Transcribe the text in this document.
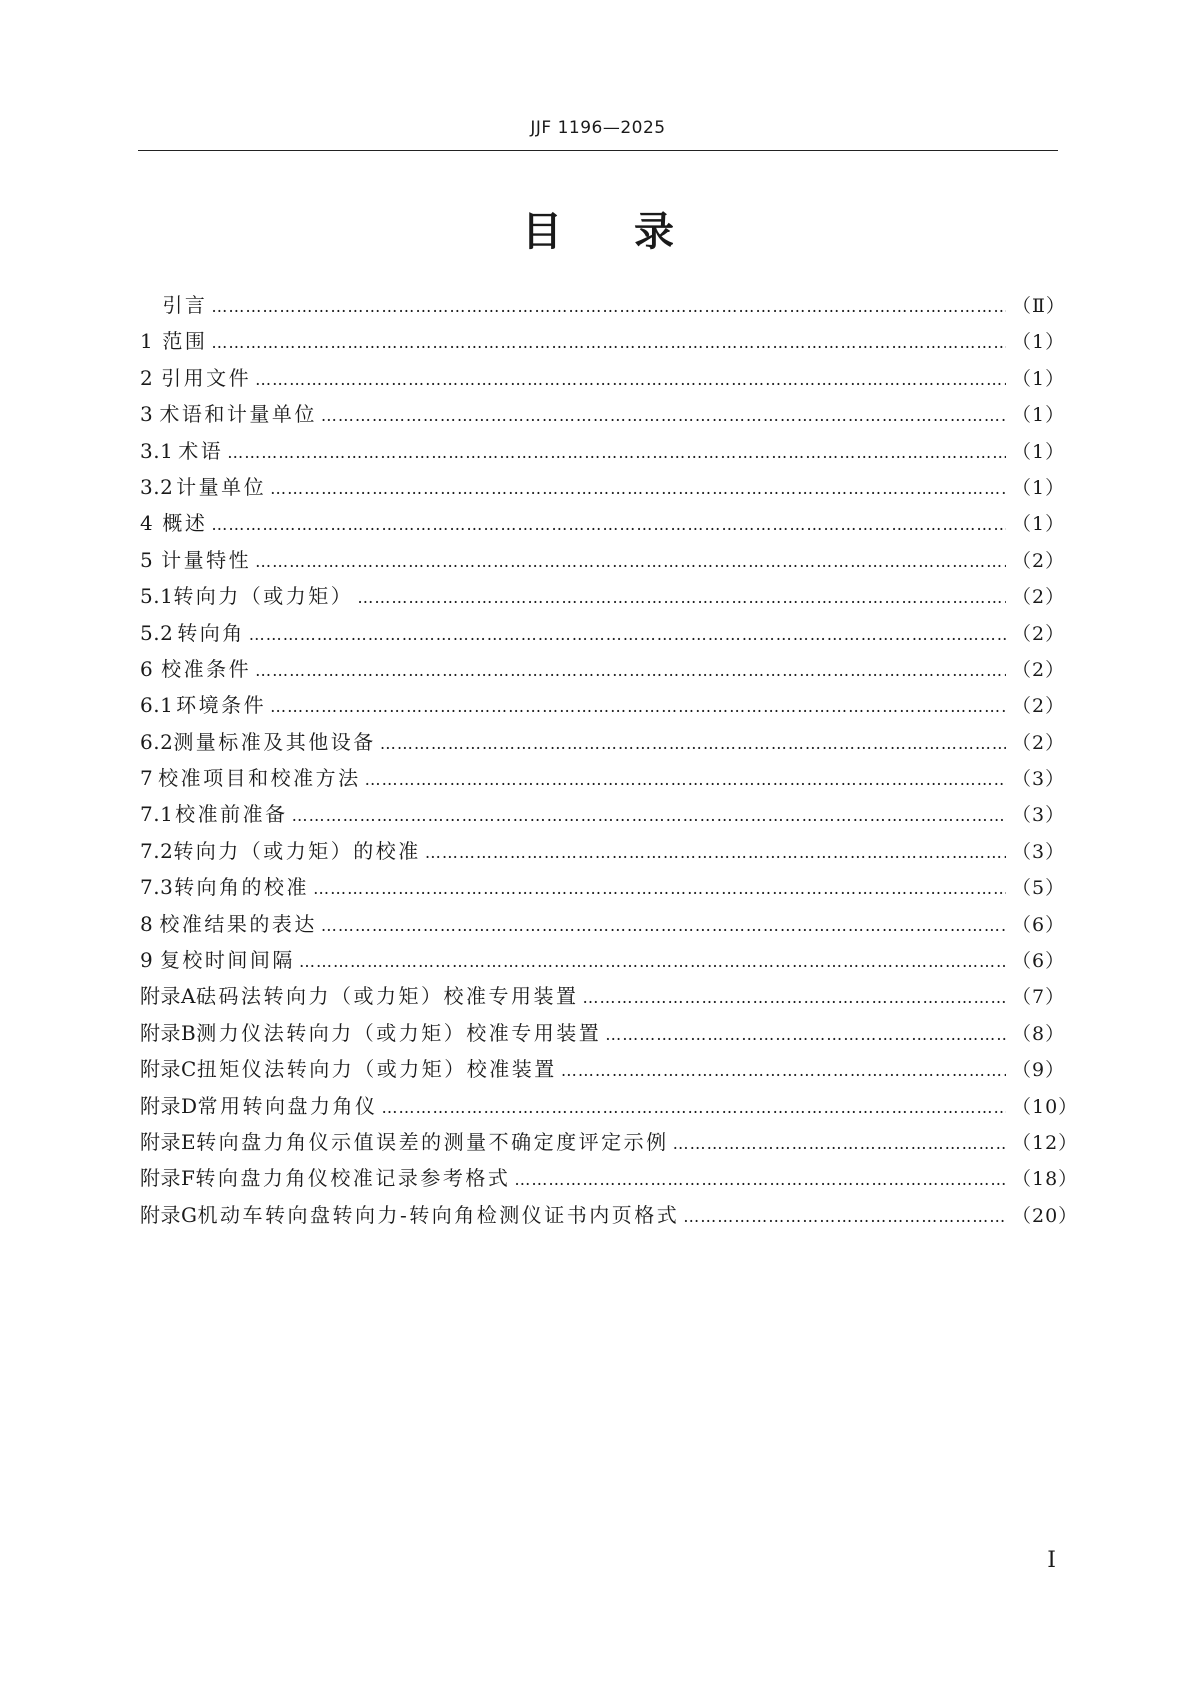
JJF 1196—2025
目录
引言 …………………………………………………………………………………………………………………………………………………………………………………………………	（Ⅱ）
1 范围 …………………………………………………………………………………………………………………………………………………………………………………………………	（1）
2 引用文件 …………………………………………………………………………………………………………………………………………………………………………………………………	（1）
3 术语和计量单位 …………………………………………………………………………………………………………………………………………………………………………………………………	（1）
3.1 术语 …………………………………………………………………………………………………………………………………………………………………………………………………	（1）
3.2 计量单位 …………………………………………………………………………………………………………………………………………………………………………………………………	（1）
4 概述 …………………………………………………………………………………………………………………………………………………………………………………………………	（1）
5 计量特性 …………………………………………………………………………………………………………………………………………………………………………………………………	（2）
5.1 转向力（或力矩） …………………………………………………………………………………………………………………………………………………………………………………………………	（2）
5.2 转向角 …………………………………………………………………………………………………………………………………………………………………………………………………	（2）
6 校准条件 …………………………………………………………………………………………………………………………………………………………………………………………………	（2）
6.1 环境条件 …………………………………………………………………………………………………………………………………………………………………………………………………	（2）
6.2 测量标准及其他设备 …………………………………………………………………………………………………………………………………………………………………………………………………	（2）
7 校准项目和校准方法 …………………………………………………………………………………………………………………………………………………………………………………………………	（3）
7.1 校准前准备 …………………………………………………………………………………………………………………………………………………………………………………………………	（3）
7.2 转向力（或力矩）的校准 …………………………………………………………………………………………………………………………………………………………………………………………………	（3）
7.3 转向角的校准 …………………………………………………………………………………………………………………………………………………………………………………………………	（5）
8 校准结果的表达 …………………………………………………………………………………………………………………………………………………………………………………………………	（6）
9 复校时间间隔 …………………………………………………………………………………………………………………………………………………………………………………………………	（6）
附录A 砝码法转向力（或力矩）校准专用装置 …………………………………………………………………………………………………………………………………………………………………………………………………	（7）
附录B 测力仪法转向力（或力矩）校准专用装置 …………………………………………………………………………………………………………………………………………………………………………………………………	（8）
附录C 扭矩仪法转向力（或力矩）校准装置 …………………………………………………………………………………………………………………………………………………………………………………………………	（9）
附录D 常用转向盘力角仪 …………………………………………………………………………………………………………………………………………………………………………………………………	（10）
附录E 转向盘力角仪示值误差的测量不确定度评定示例 …………………………………………………………………………………………………………………………………………………………………………………………………	（12）
附录F 转向盘力角仪校准记录参考格式 …………………………………………………………………………………………………………………………………………………………………………………………………	（18）
附录G 机动车转向盘转向力-转向角检测仪证书内页格式 …………………………………………………………………………………………………………………………………………………………………………………………………	（20）
Ⅰ
